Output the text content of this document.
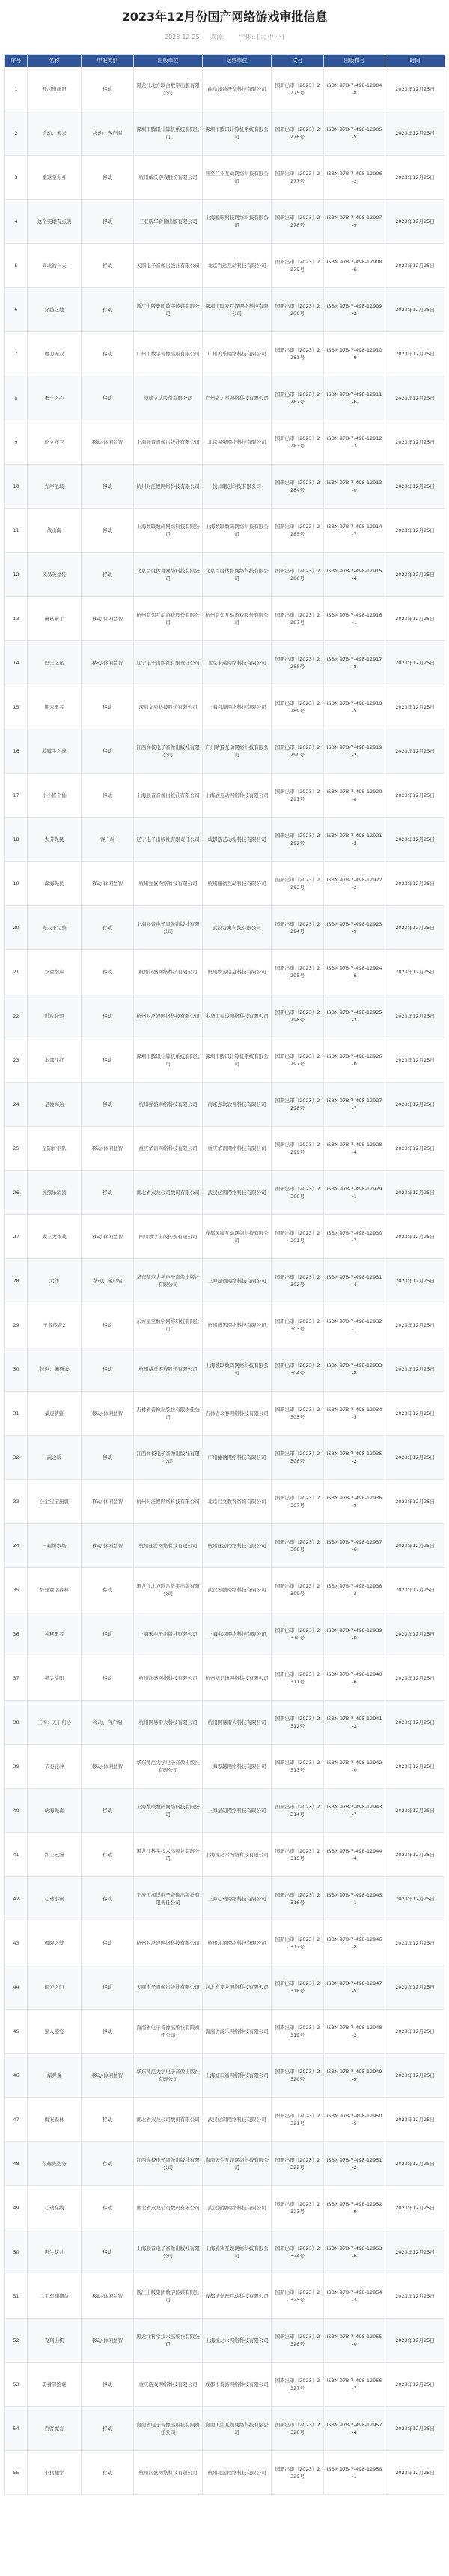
2023年12月份国产网络游戏审批信息
2023-12-25 来源： 字体：[大 中 小]
序号	名称	申报类别	出版单位	运营单位	文号	出版物号	时间
1	开河造新旧	移动	黑龙江北方联合数字出版有限公司	曲阜浅灿投资科技有限公司	国新出审〔2023〕2275号	ISBN 978-7-498-12904-8	2023年12月25日
2	追动：未来	移动、客户端	深圳市腾讯计算机系统有限公司	深圳市腾讯计算机系统有限公司	国新出审〔2023〕2276号	ISBN 978-7-498-12905-5	2023年12月25日
3	重返至你身	移动	杭州威沃游戏股份有限公司	智至兰亚互动网络科技有限公司	国新出审〔2023〕2277号	ISBN 978-7-498-12906-2	2023年12月25日
4	这个英雄有点萌	移动	三亚新华音像出版有限公司	上海暧昧科技网络科技有限公司	国新出审〔2023〕2278号	ISBN 978-7-498-12907-9	2023年12月25日
5	间北的一天	移动	天圆电子音像出版社有限公司	北京百达互动科技有限公司	国新出审〔2023〕2279号	ISBN 978-7-498-12908-6	2023年12月25日
6	穿越之地	移动	浙江出版集团数字传媒有限公司	深圳市联发互娱网络科技有限公司	国新出审〔2023〕2280号	ISBN 978-7-498-12909-3	2023年12月25日
7	魔力无双	移动	广州市数字音像出版有限公司	广州美乐网络科技有限公司	国新出审〔2023〕2281号	ISBN 978-7-498-12910-9	2023年12月25日
8	勇士之心	移动	得翰立达股份有限公司	广州微之星网络科技有限公司	国新出审〔2023〕2282号	ISBN 978-7-498-12911-6	2023年12月25日
9	屹立守卫	移动-休闲益智	上海展音音像出版社有限公司	北京易聚网络科技有限公司	国新出审〔2023〕2283号	ISBN 978-7-498-12912-3	2023年12月25日
10	先序圣域	移动	杭州对泛娱网络科技有限公司	杭州曦创科技有限公司	国新出审〔2023〕2284号	ISBN 978-7-498-12913-0	2023年12月25日
11	战山海	移动	上海数联数码网络科技有限公司	上海数联数码网络科技有限公司	国新出审〔2023〕2285号	ISBN 978-7-498-12914-7	2023年12月25日
12	风暴英豪传	移动	北京百度体育网络科技有限公司	北京百度体育网络科技有限公司	国新出审〔2023〕2286号	ISBN 978-7-498-12915-4	2023年12月25日
13	蘑菇猎手	移动-休闲益智	杭州有邻互动游戏股份有限公司	杭州有邻互动游戏股份有限公司	国新出审〔2023〕2287号	ISBN 978-7-498-12916-1	2023年12月25日
14	巴士之星	移动-休闲益智	辽宁电子出版社有限责任公司	北京米达网络科技有限公司	国新出审〔2023〕2288号	ISBN 978-7-498-12917-8	2023年12月25日
15	期末勇者	移动	深圳文质科技股份有限公司	上海点墙网络科技有限公司	国新出审〔2023〕2289号	ISBN 978-7-498-12918-5	2023年12月25日
16	救赎生之战	移动	江西高校电子音像出版社有限公司	广州晴蛋互动网络科技有限公司	国新出审〔2023〕2290号	ISBN 978-7-498-12919-2	2023年12月25日
17	小小修个仙	移动	上海展音音像出版社有限公司	上海欣互动网络科技有限公司	国新出审〔2023〕2291号	ISBN 978-7-498-12920-8	2023年12月25日
18	大芳先民	客户端	辽宁电子出版社有限责任公司	成都游艺动漫科技有限公司	国新出审〔2023〕2292号	ISBN 978-7-498-12921-5	2023年12月25日
19	深海先民	移动-休闲益智	杭州强盛网络科技有限公司	杭州盛创互动科技有限公司	国新出审〔2023〕2293号	ISBN 978-7-498-12922-2	2023年12月25日
20	先天不完整	移动	上海展音电子音像出版社有限公司	武汉方寓科技有限公司	国新出审〔2023〕2294号	ISBN 978-7-498-12923-9	2023年12月25日
21	双童指声	移动	杭州润盛网络科技有限公司	杭州欣游信息科技有限公司	国新出审〔2023〕2295号	ISBN 978-7-498-12924-6	2023年12月25日
22	进攻联盟	移动	杭州对泛娱网络科技有限公司	金华市泰浚网络科技有限公司	国新出审〔2023〕2296号	ISBN 978-7-498-12925-3	2023年12月25日
23	本部江红	移动	深圳市腾讯计算机系统有限公司	深圳市腾讯计算机系统有限公司	国新出审〔2023〕2297号	ISBN 978-7-498-12926-0	2023年12月25日
24	是桃高达	移动	杭州强盛网络科技有限公司	南京点软软件科技有限公司	国新出审〔2023〕2298号	ISBN 978-7-498-12927-7	2023年12月25日
25	星际护卫队	移动-休闲益智	重庆华语网络科技有限公司	重庆华语网络科技有限公司	国新出审〔2023〕2299号	ISBN 978-7-498-12928-4	2023年12月25日
26	熊熊乐消消	移动	湖北省双龙公司数码有限公司	武汉亿鸿网络科技有限公司	国新出审〔2023〕2300号	ISBN 978-7-498-12929-1	2023年12月25日
27	成上大作战	移动-休闲益智	四川数字出版传媒有限公司	成都灵魔互动网络科技有限公司	国新出审〔2023〕2301号	ISBN 978-7-498-12930-7	2023年12月25日
28	大作	移动、客户端	华东师范大学电子音像出版社有限公司	上海冠创网络科技有限公司	国新出审〔2023〕2302号	ISBN 978-7-498-12931-4	2023年12月25日
29	王者传奇2	移动	东方星空数字网络科技有限公司	杭州盛笔网络科技有限公司	国新出审〔2023〕2303号	ISBN 978-7-498-12932-1	2023年12月25日
30	惊声：猫猫杀	移动	杭州威沃游戏股份有限公司	上海数联数码网络科技有限公司	国新出审〔2023〕2304号	ISBN 978-7-498-12933-8	2023年12月25日
31	暴逐就锥	移动-休闲益智	吉林省音像出版社有限责任公司	吉林省来客网络科技有限公司	国新出审〔2023〕2305号	ISBN 978-7-498-12934-5	2023年12月25日
32	蔬之暖	移动	江西高校电子音像出版社有限公司	广州捷盈网络科技有限公司	国新出审〔2023〕2306号	ISBN 978-7-498-12935-2	2023年12月25日
33	公主宝宝厨毅	移动-休闲益智	杭州对泛娱网络科技有限公司	北京启文教育咨询有限公司	国新出审〔2023〕2307号	ISBN 978-7-498-12936-9	2023年12月25日
34	一起爆农场	移动-休闲益智	杭州迷游网络科技有限公司	杭州迷游网络科技有限公司	国新出审〔2023〕2308号	ISBN 978-7-498-12937-6	2023年12月25日
35	梦想童话森林	移动	黑龙江北方联合数字出版有限公司	武汉零鹏网络科技有限公司	国新出审〔2023〕2309号	ISBN 978-7-498-12938-3	2023年12月25日
36	神秘勇者	移动	上海禾电子出版社有限公司	上海虫羽网络科技有限公司	国新出审〔2023〕2310号	ISBN 978-7-498-12939-0	2023年12月25日
37	指尖战团	移动	杭州润盛网络科技有限公司	杭州初记逸网络科技有限公司	国新出审〔2023〕2311号	ISBN 978-7-498-12940-6	2023年12月25日
38	三国：天下归心	移动、客户端	杭州网易雷火科技有限公司	杭州网易雷火科技有限公司	国新出审〔2023〕2312号	ISBN 978-7-498-12941-3	2023年12月25日
39	节奏轮冲	移动-休闲益智	华东师范大学电子音像出版社有限公司	上海零越网络科技有限公司	国新出审〔2023〕2313号	ISBN 978-7-498-12942-0	2023年12月25日
40	萌海先森	移动	上海数联数码网络科技有限公司	上海星幻网络科技有限公司	国新出审〔2023〕2314号	ISBN 978-7-498-12943-7	2023年12月25日
41	沙上云漫	移动	黑龙江科学技术出版社有限公司	上海撞之水网络科技有限公司	国新出审〔2023〕2315号	ISBN 978-7-498-12944-4	2023年12月25日
42	心动小镇	移动	宁波市海洋电子音像出版社有限责任公司	上海心动网络科技有限公司	国新出审〔2023〕2316号	ISBN 978-7-498-12945-1	2023年12月25日
43	极限之梦	移动	杭州对泛娱网络科技有限公司	杭州北游网络科技有限公司	国新出审〔2023〕2317号	ISBN 978-7-498-12946-8	2023年12月25日
44	御光之门	移动	天圆电子音像出版社有限公司	河北省安龙网络科技有限公司	国新出审〔2023〕2318号	ISBN 978-7-498-12947-5	2023年12月25日
45	猫人盛宴	移动	海南省电子音像出版社有限责任公司	海南省游乐网络科技有限公司	国新出审〔2023〕2319号	ISBN 978-7-498-12948-2	2023年12月25日
46	爆弹鳌	移动-休闲益智	华东师范大学电子音像出版社有限公司	上海虹口通网络科技有限公司	国新出审〔2023〕2320号	ISBN 978-7-498-12949-9	2023年12月25日
47	梅安森林	移动	湖北省双龙公司数码有限公司	武汉亿鸿网络科技有限公司	国新出审〔2023〕2321号	ISBN 978-7-498-12950-5	2023年12月25日
48	荣耀先达务	移动	江西高校电子音像出版社有限公司	海南天生互娱网络科技有限公司	国新出审〔2023〕2322号	ISBN 978-7-498-12951-2	2023年12月25日
49	心动在线	移动	湖北省双龙公司数码有限公司	武汉漫源网络科技有限公司	国新出审〔2023〕2323号	ISBN 978-7-498-12952-9	2023年12月25日
50	再生花儿	移动	上海展音电子音像出版社有限公司	上海熊欢互娱网络科技有限公司	国新出审〔2023〕2324号	ISBN 978-7-498-12953-6	2023年12月25日
51	二手车痛指益	移动-休闲益智	浙江出版集团数字传媒有限公司	成都请你玩互动科技有限公司	国新出审〔2023〕2325号	ISBN 978-7-498-12954-3	2023年12月25日
52	飞翔出机	移动-休闲益智	黑龙江科学技术出版社有限公司	上海撞之水网络科技有限公司	国新出审〔2023〕2326号	ISBN 978-7-498-12955-0	2023年12月25日
53	勇者冒险谜	移动	重庆游戏网络科技有限公司	成都市悦游网络科技有限公司	国新出审〔2023〕2327号	ISBN 978-7-498-12956-7	2023年12月25日
54	百客魔方	移动	海南省电子音像出版社有限责任公司	海南天生互娱网络科技有限公司	国新出审〔2023〕2328号	ISBN 978-7-498-12957-4	2023年12月25日
55	小猪翻学	移动	杭州润盛网络科技有限公司	杭州北游网络科技有限公司	国新出审〔2023〕2329号	ISBN 978-7-498-12958-1	2023年12月25日
